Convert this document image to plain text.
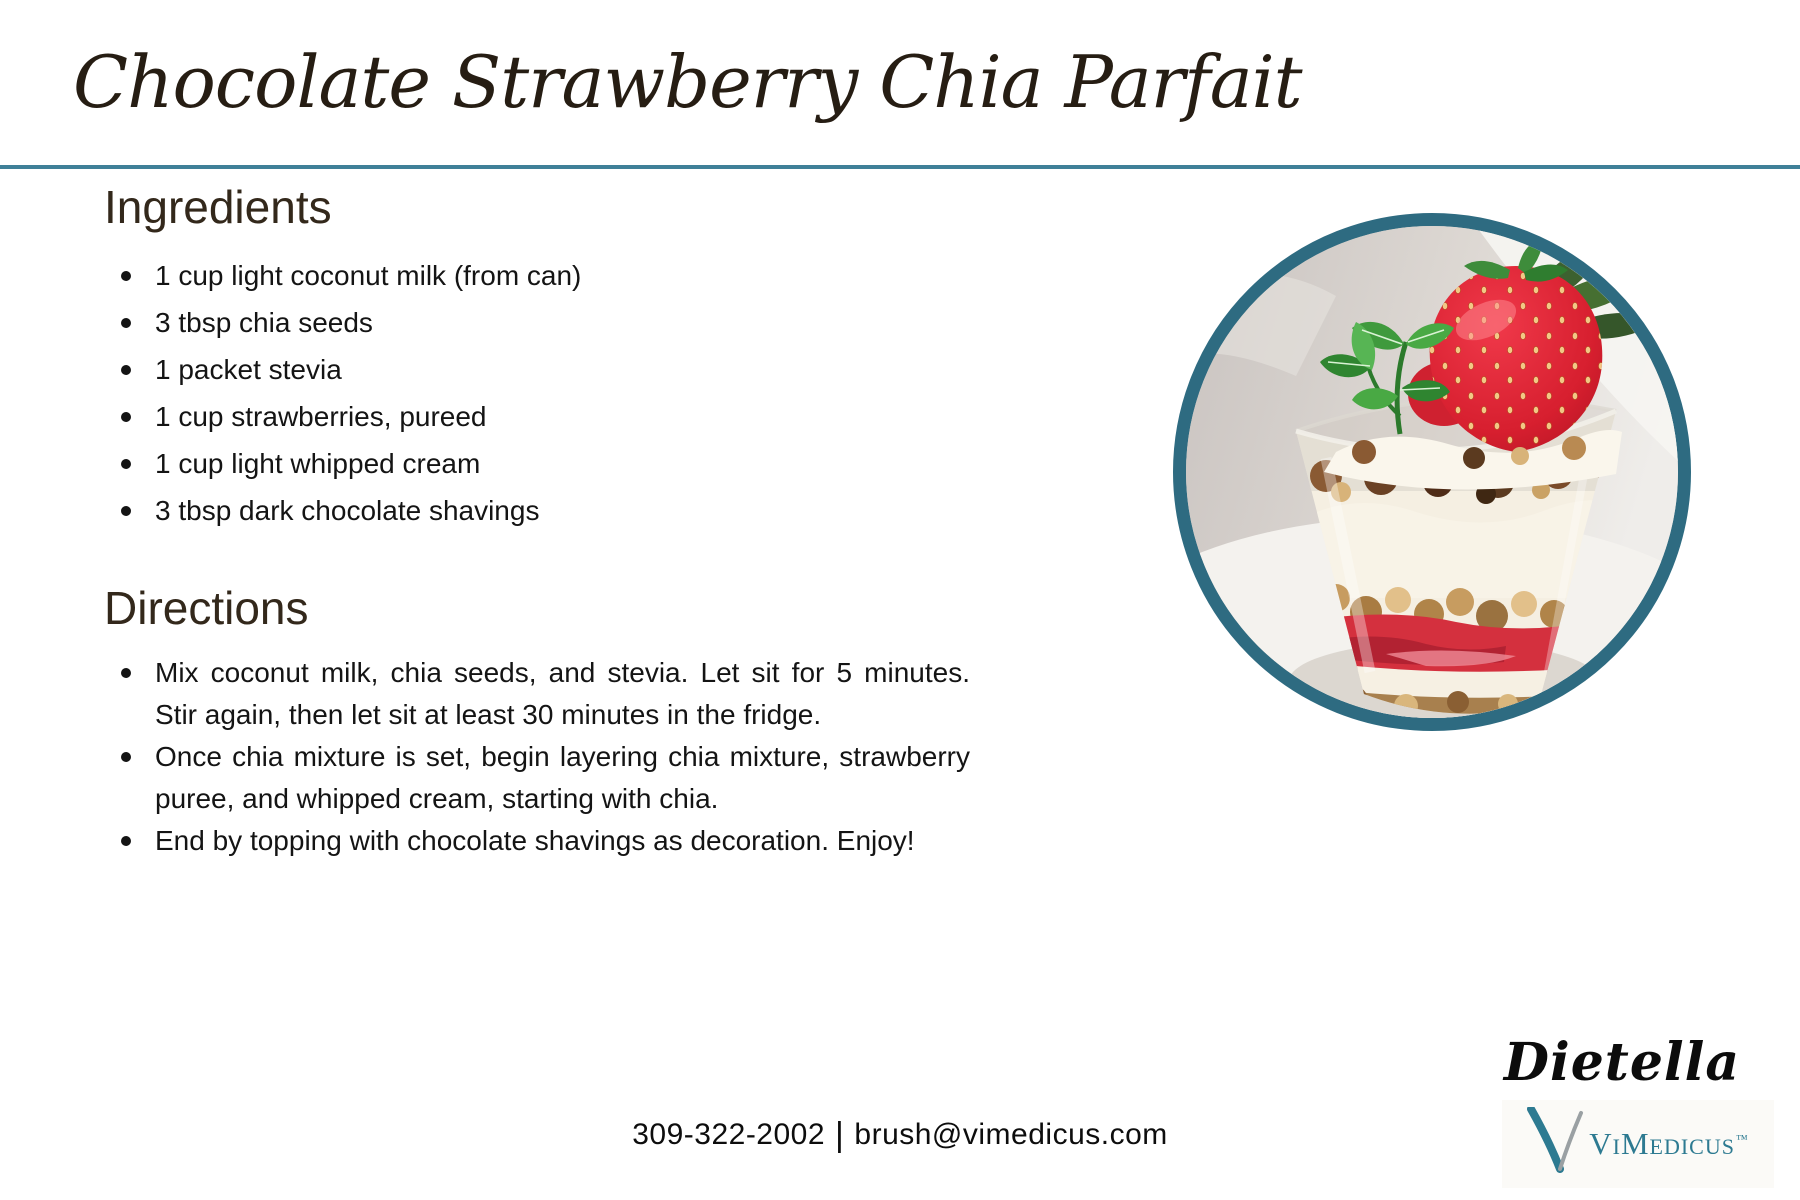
Chocolate Strawberry Chia Parfait
Ingredients
1 cup light coconut milk (from can)
3 tbsp chia seeds
1 packet stevia
1 cup strawberries, pureed
1 cup light whipped cream
3 tbsp dark chocolate shavings
Directions
Mix coconut milk, chia seeds, and stevia. Let sit for 5 minutes. Stir again, then let sit at least 30 minutes in the fridge.
Once chia mixture is set, begin layering chia mixture, strawberry puree, and whipped cream, starting with chia.
End by topping with chocolate shavings as decoration. Enjoy!
309-322-2002 | brush@vimedicus.com
Dietella
ViMedicus™
